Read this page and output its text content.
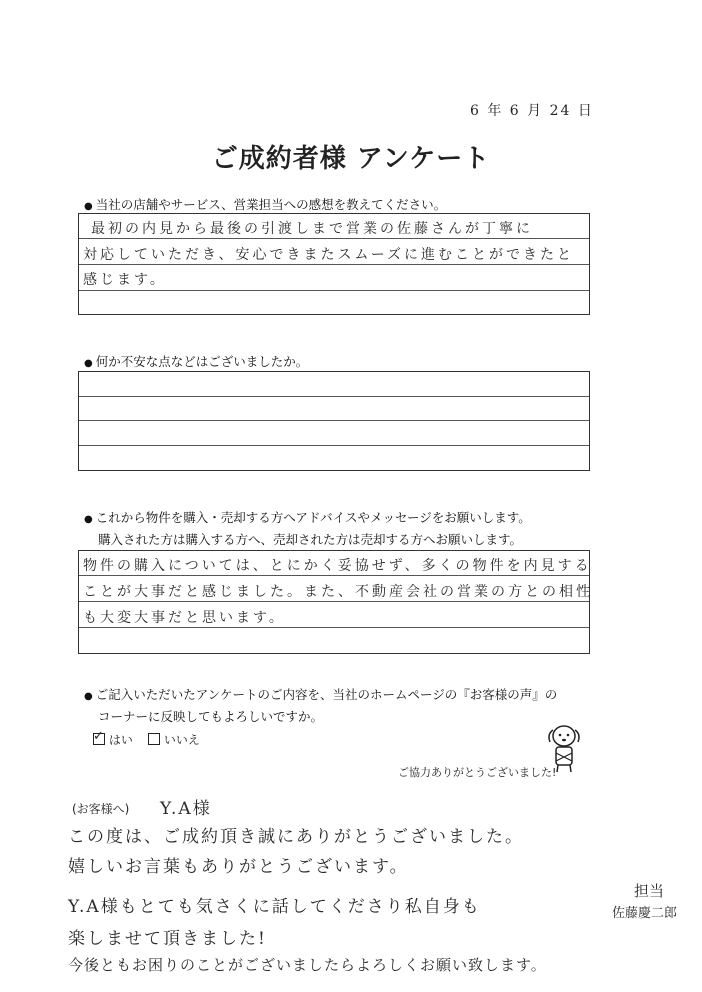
6 年 6 月 24 日
ご成約者様 アンケート
● 当社の店舗やサービス、営業担当への感想を教えてください。
最初の内見から最後の引渡しまで営業の佐藤さんが丁寧に
対応していただき、安心できまたスムーズに進むことができたと
感じます。
● 何か不安な点などはございましたか。
● これから物件を購入・売却する方へアドバイスやメッセージをお願いします。
購入された方は購入する方へ、売却された方は売却する方へお願いします。
物件の購入については、とにかく妥協せず、多くの物件を内見する
ことが大事だと感じました。また、不動産会社の営業の方との相性
も大変大事だと思います。
● ご記入いただいたアンケートのご内容を、当社のホームページの『お客様の声』の
コーナーに反映してもよろしいですか。
✓ はい	いいえ
ご協力ありがとうございました!
(お客様へ) Y.A様
この度は、ご成約頂き誠にありがとうございました。
嬉しいお言葉もありがとうございます。
Y.A様もとても気さくに話してくださり私自身も
楽しませて頂きました!
今後ともお困りのことがございましたらよろしくお願い致します。
担当
佐藤慶二郎
